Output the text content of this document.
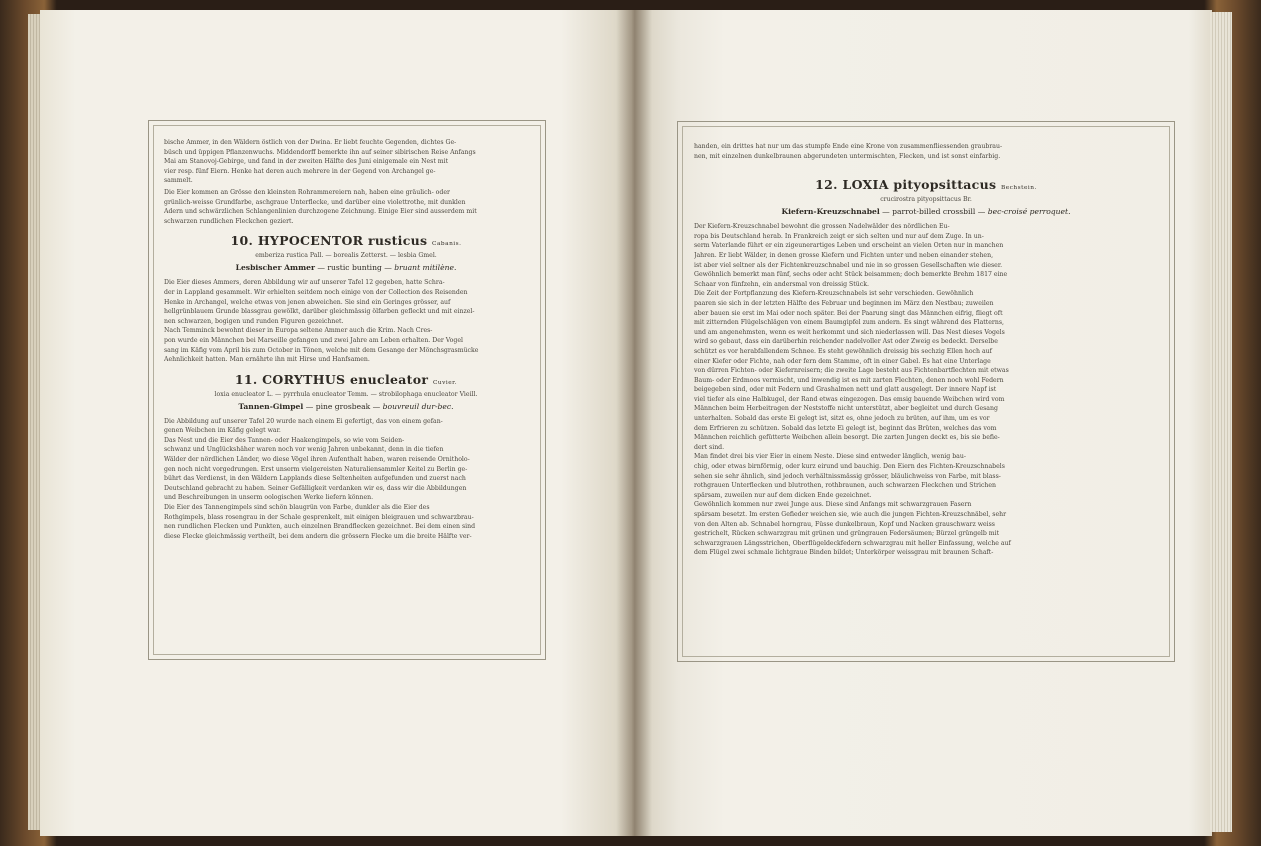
bische Ammer, in den Wäldern östlich von der Dwina. Er liebt feuchte Gegenden, dichtes Ge-

büsch und üppigen Pflanzenwuchs. Middendorff bemerkte ihn auf seiner sibirischen Reise Anfangs

Mai am Stanovoj-Gebirge, und fand in der zweiten Hälfte des Juni einigemale ein Nest mit

vier resp. fünf Eiern. Henke hat deren auch mehrere in der Gegend von Archangel ge-

sammelt.

Die Eier kommen an Grösse den kleinsten Rohrammereiern nah, haben eine gräulich- oder

grünlich-weisse Grundfarbe, aschgraue Unterflecke, und darüber eine violettrothe, mit dunklen

Adern und schwärzlichen Schlangenlinien durchzogene Zeichnung. Einige Eier sind ausserdem mit

schwarzen rundlichen Fleckchen geziert.

10. HYPOCENTOR rusticus Cabanis.
emberiza rustica Pall. — borealis Zetterst. — lesbia Gmel.
Lesbischer Ammer — rustic bunting — bruant mitilène.

Die Eier dieses Ammers, deren Abbildung wir auf unserer Tafel 12 gegeben, hatte Schra-

der in Lappland gesammelt. Wir erhielten seitdem noch einige von der Collection des Reisenden

Henke in Archangel, welche etwas von jenen abweichen. Sie sind ein Geringes grösser, auf

hellgrünblauem Grunde blassgrau gewölkt, darüber gleichmässig ölfarben gefleckt und mit einzel-

nen schwarzen, bogigen und runden Figuren gezeichnet.

Nach Temminck bewohnt dieser in Europa seltene Ammer auch die Krim. Nach Cres-

pon wurde ein Männchen bei Marseille gefangen und zwei Jahre am Leben erhalten. Der Vogel

sang im Käfig vom April bis zum October in Tönen, welche mit dem Gesange der Mönchsgrasmücke

Aehnlichkeit hatten. Man ernährte ihn mit Hirse und Hanfsamen.

11. CORYTHUS enucleator Cuvier.
loxia enucleator L. — pyrrhula enucleator Temm. — strobilophaga enucleator Vieill.
Tannen-Gimpel — pine grosbeak — bouvreuil dur-bec.

Die Abbildung auf unserer Tafel 20 wurde nach einem Ei gefertigt, das von einem gefan-

genen Weibchen im Käfig gelegt war.

Das Nest und die Eier des Tannen- oder Haakengimpels, so wie vom Seiden-

schwanz und Unglückshäher waren noch vor wenig Jahren unbekannt, denn in die tiefen

Wälder der nördlichen Länder, wo diese Vögel ihren Aufenthalt haben, waren reisende Ornitholo-

gen noch nicht vorgedrungen. Erst unserm vielgereisten Naturaliensammler Keitel zu Berlin ge-

bührt das Verdienst, in den Wäldern Lapplands diese Seltenheiten aufgefunden und zuerst nach

Deutschland gebracht zu haben. Seiner Gefälligkeit verdanken wir es, dass wir die Abbildungen

und Beschreibungen in unserm oologischen Werke liefern können.

Die Eier des Tannengimpels sind schön blaugrün von Farbe, dunkler als die Eier des

Rothgimpels, blass rosengrau in der Schale gesprenkelt, mit einigen bleigrauen und schwarzbrau-

nen rundlichen Flecken und Punkten, auch einzelnen Brandflecken gezeichnet. Bei dem einen sind

diese Flecke gleichmässig vertheilt, bei dem andern die grössern Flecke um die breite Hälfte ver-

handen, ein drittes hat nur um das stumpfe Ende eine Krone von zusammenfliessenden graubrau-

nen, mit einzelnen dunkelbraunen abgerundeten untermischten, Flecken, und ist sonst einfarbig.

12. LOXIA pityopsittacus Bechstein.
crucirostra pityopsittacus Br.
Kiefern-Kreuzschnabel — parrot-billed crossbill — bec-croisé perroquet.

Der Kiefern-Kreuzschnabel bewohnt die grossen Nadelwälder des nördlichen Eu-

ropa bis Deutschland herab. In Frankreich zeigt er sich selten und nur auf dem Zuge. In un-

serm Vaterlande führt er ein zigeunerartiges Leben und erscheint an vielen Orten nur in manchen

Jahren. Er liebt Wälder, in denen grosse Kiefern und Fichten unter und neben einander stehen,

ist aber viel seltner als der Fichtenkreuzschnabel und nie in so grossen Gesellschaften wie dieser.

Gewöhnlich bemerkt man fünf, sechs oder acht Stück beisammen; doch bemerkte Brehm 1817 eine

Schaar von fünfzehn, ein andersmal von dreissig Stück.

Die Zeit der Fortpflanzung des Kiefern-Kreuzschnabels ist sehr verschieden. Gewöhnlich

paaren sie sich in der letzten Hälfte des Februar und beginnen im März den Nestbau; zuweilen

aber bauen sie erst im Mai oder noch später. Bei der Paarung singt das Männchen eifrig, fliegt oft

mit zitternden Flügelschlägen von einem Baumgipfel zum andern. Es singt während des Flatterns,

und am angenehmsten, wenn es weit herkommt und sich niederlassen will. Das Nest dieses Vogels

wird so gebaut, dass ein darüberhin reichender nadelvoller Ast oder Zweig es bedeckt. Derselbe

schützt es vor herabfallendem Schnee. Es steht gewöhnlich dreissig bis sechzig Ellen hoch auf

einer Kiefer oder Fichte, nah oder fern dem Stamme, oft in einer Gabel. Es hat eine Unterlage

von dürren Fichten- oder Kiefernreisern; die zweite Lage besteht aus Fichtenbartflechten mit etwas

Baum- oder Erdmoos vermischt, und inwendig ist es mit zarten Flechten, denen noch wohl Federn

beigegeben sind, oder mit Federn und Grashalmen nett und glatt ausgelegt. Der innere Napf ist

viel tiefer als eine Halbkugel, der Rand etwas eingezogen. Das emsig bauende Weibchen wird vom

Männchen beim Herbeitragen der Neststoffe nicht unterstützt, aber begleitet und durch Gesang

unterhalten. Sobald das erste Ei gelegt ist, sitzt es, ohne jedoch zu brüten, auf ihm, um es vor

dem Erfrieren zu schützen. Sobald das letzte Ei gelegt ist, beginnt das Brüten, welches das vom

Männchen reichlich gefütterte Weibchen allein besorgt. Die zarten Jungen deckt es, bis sie befie-

dert sind.

Man findet drei bis vier Eier in einem Neste. Diese sind entweder länglich, wenig bau-

chig, oder etwas birnförmig, oder kurz eirund und bauchig. Den Eiern des Fichten-Kreuzschnabels

sehen sie sehr ähnlich, sind jedoch verhältnissmässig grösser, bläulichweiss von Farbe, mit blass-

rothgrauen Unterflecken und blutrothen, rothbraunen, auch schwarzen Fleckchen und Strichen

spärsam, zuweilen nur auf dem dicken Ende gezeichnet.

Gewöhnlich kommen nur zwei Junge aus. Diese sind Anfangs mit schwarzgrauen Fasern

spärsam besetzt. Im ersten Gefieder weichen sie, wie auch die jungen Fichten-Kreuzschnäbel, sehr

von den Alten ab. Schnabel horngrau, Füsse dunkelbraun, Kopf und Nacken grauschwarz weiss

gestrichelt, Rücken schwarzgrau mit grünen und grüngrauen Federsäumen; Bürzel grüngelb mit

schwarzgrauen Längsstrichen, Oberflügeldeckfedern schwarzgrau mit heller Einfassung, welche auf

dem Flügel zwei schmale lichtgraue Binden bildet; Unterkörper weissgrau mit braunen Schaft-
